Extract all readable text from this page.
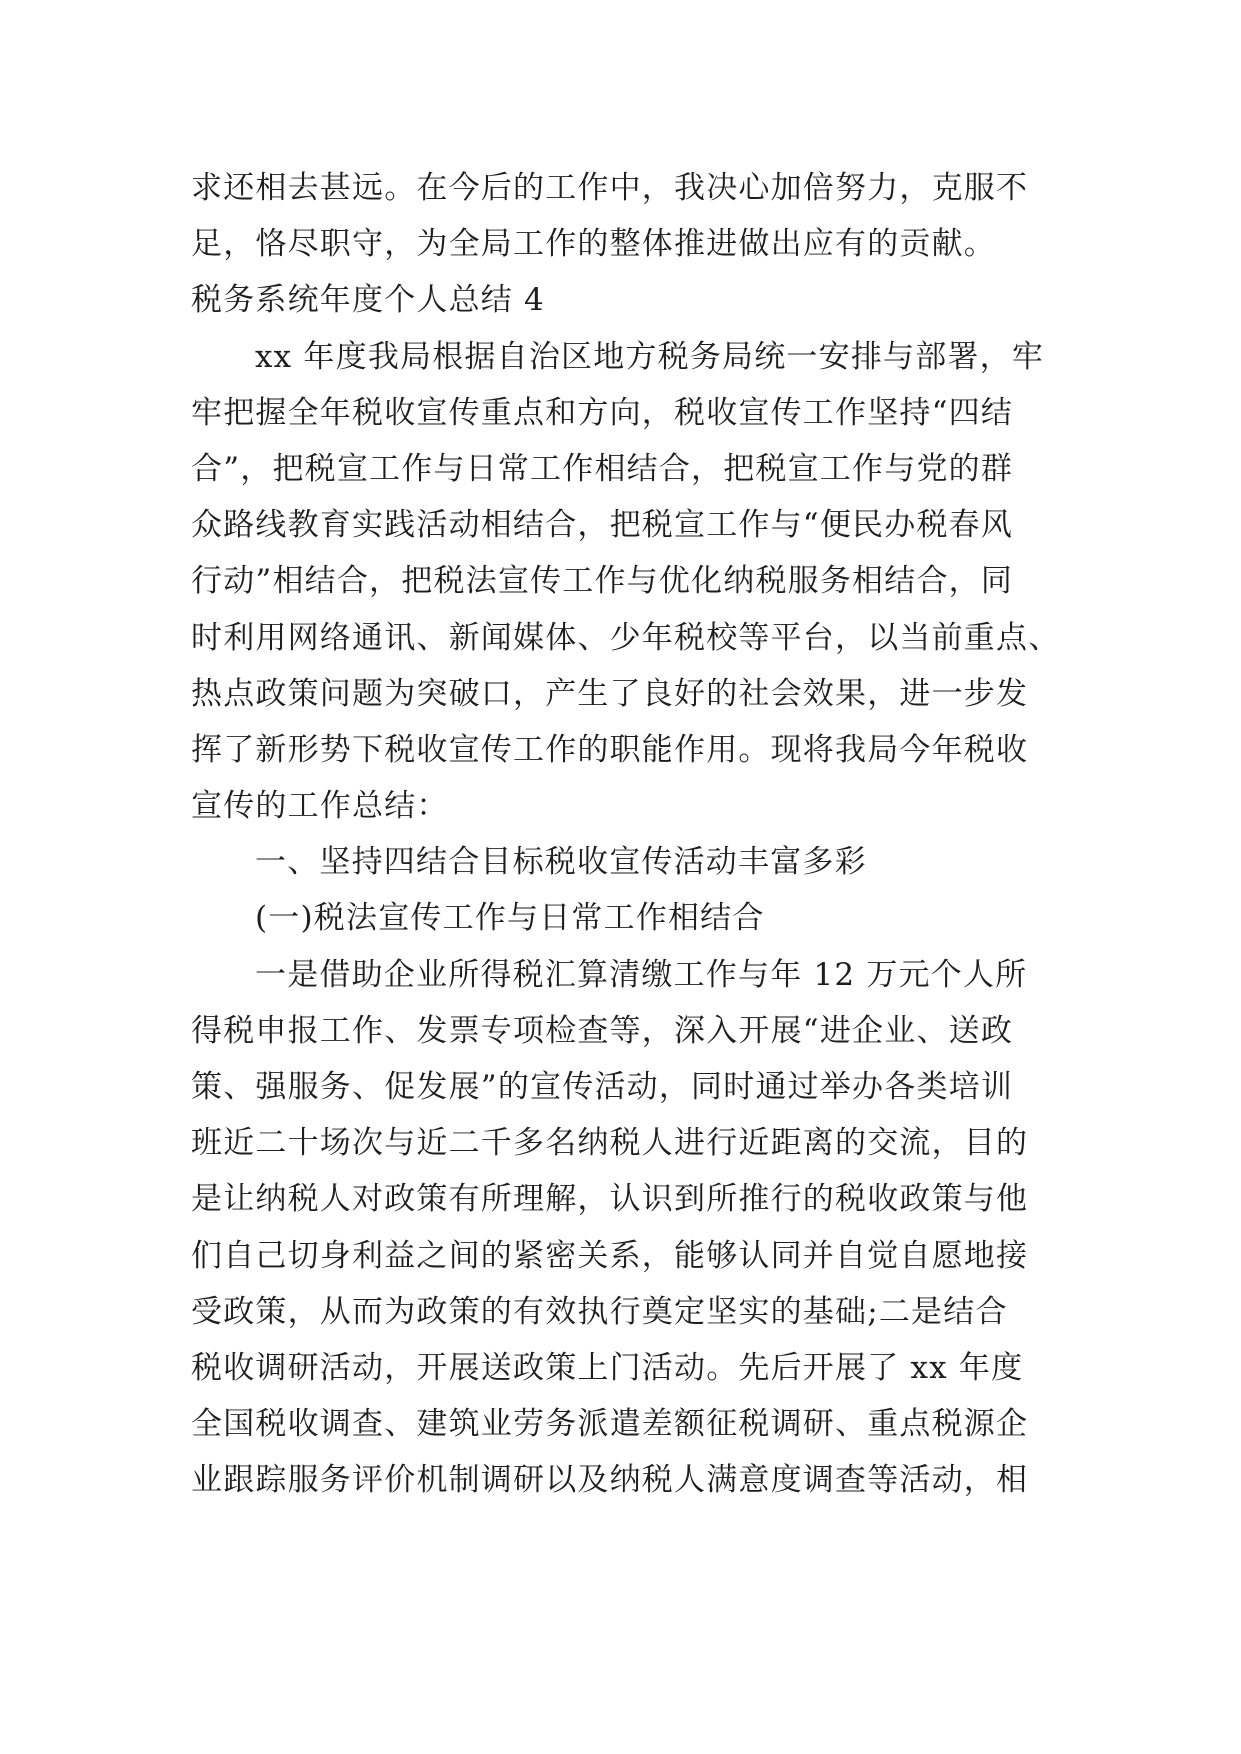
求还相去甚远。在今后的工作中，我决心加倍努力，克服不
足，恪尽职守，为全局工作的整体推进做出应有的贡献。
税务系统年度个人总结 4
xx 年度我局根据自治区地方税务局统一安排与部署，牢
牢把握全年税收宣传重点和方向，税收宣传工作坚持“四结
合”，把税宣工作与日常工作相结合，把税宣工作与党的群
众路线教育实践活动相结合，把税宣工作与“便民办税春风
行动”相结合，把税法宣传工作与优化纳税服务相结合，同
时利用网络通讯、新闻媒体、少年税校等平台，以当前重点、
热点政策问题为突破口，产生了良好的社会效果，进一步发
挥了新形势下税收宣传工作的职能作用。现将我局今年税收
宣传的工作总结：
一、坚持四结合目标税收宣传活动丰富多彩
(一)税法宣传工作与日常工作相结合
一是借助企业所得税汇算清缴工作与年 12 万元个人所
得税申报工作、发票专项检查等，深入开展“进企业、送政
策、强服务、促发展”的宣传活动，同时通过举办各类培训
班近二十场次与近二千多名纳税人进行近距离的交流，目的
是让纳税人对政策有所理解，认识到所推行的税收政策与他
们自己切身利益之间的紧密关系，能够认同并自觉自愿地接
受政策，从而为政策的有效执行奠定坚实的基础;二是结合
税收调研活动，开展送政策上门活动。先后开展了 xx 年度
全国税收调查、建筑业劳务派遣差额征税调研、重点税源企
业跟踪服务评价机制调研以及纳税人满意度调查等活动，相
